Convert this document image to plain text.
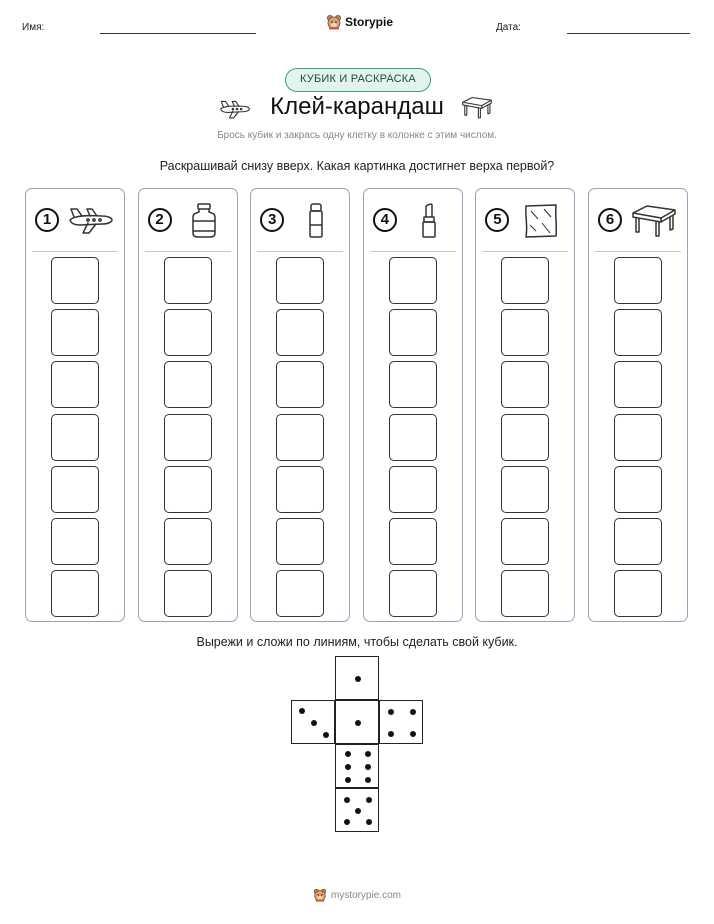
Имя:	Storypie	Дата:
КУБИК И РАСКРАСКА
Клей-карандаш
Брось кубик и закрась одну клетку в колонке с этим числом.
Раскрашивай снизу вверх. Какая картинка достигнет верха первой?
1	2	3	4	5	6
Вырежи и сложи по линиям, чтобы сделать свой кубик.
mystorypie.com
